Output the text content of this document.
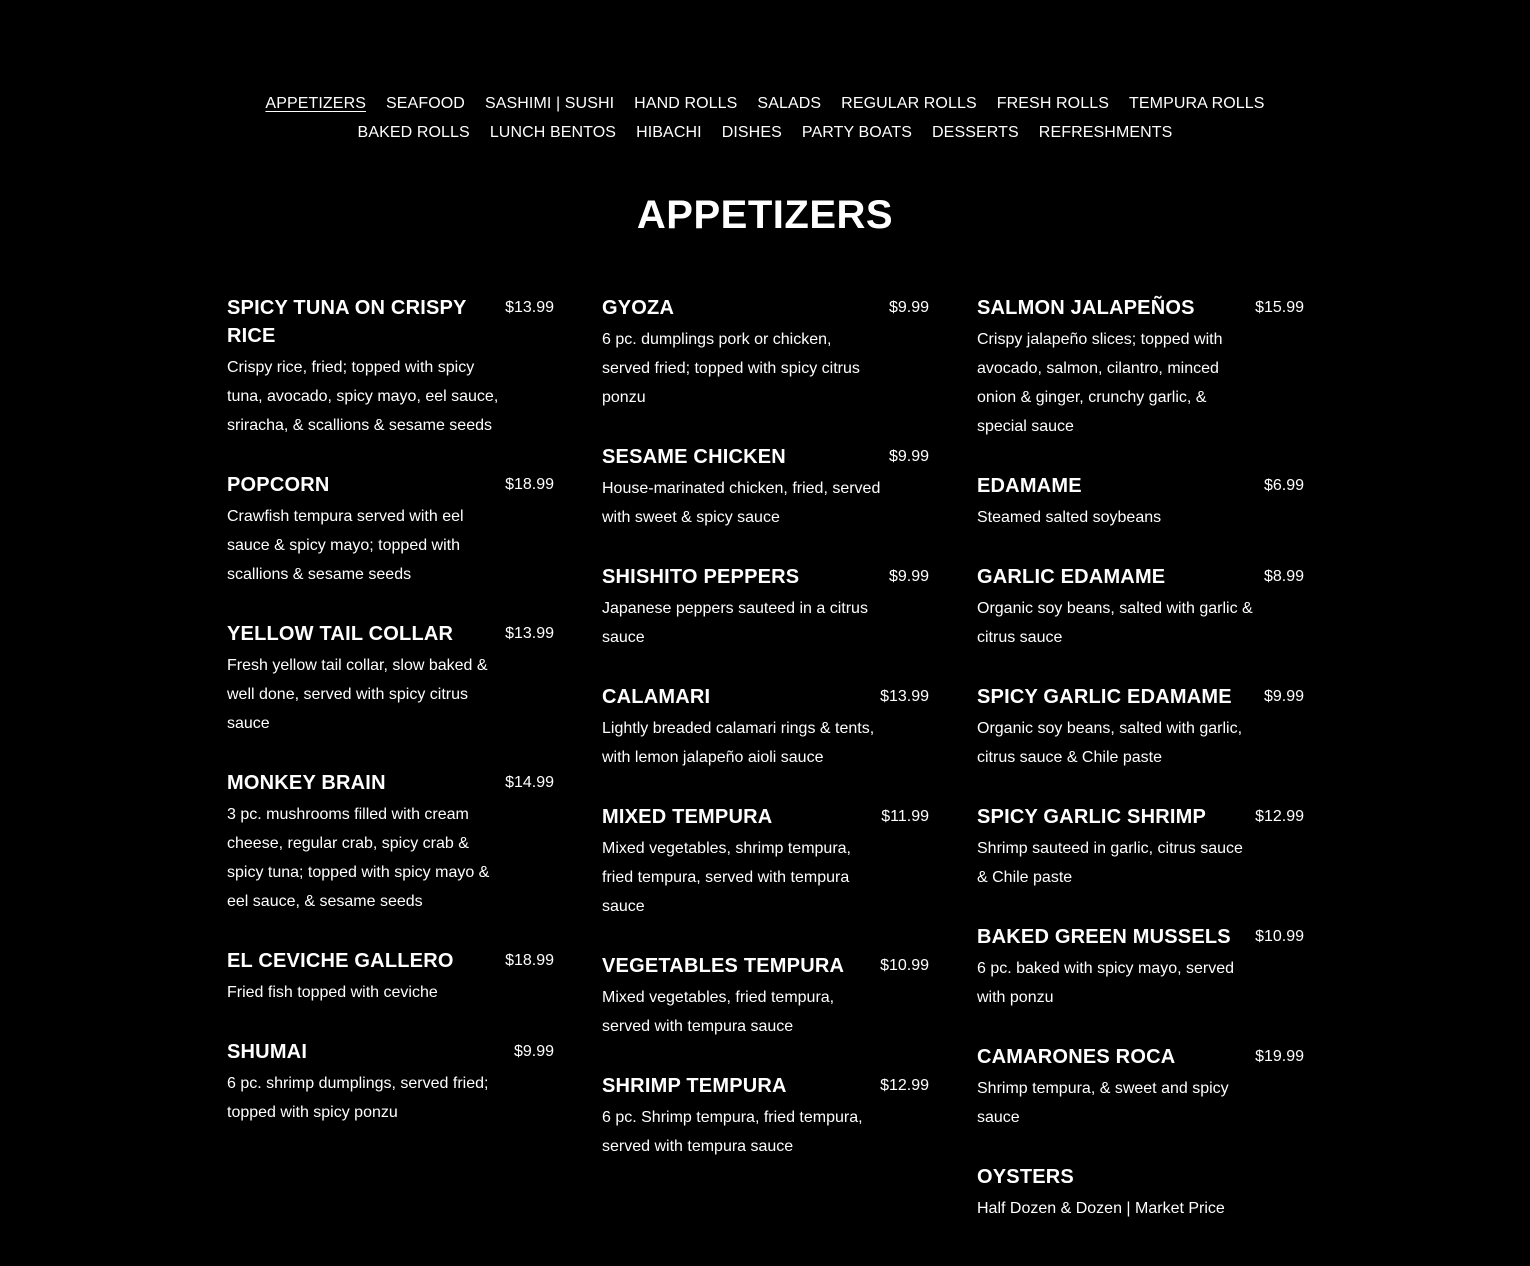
APPETIZERS SEAFOOD SASHIMI | SUSHI HAND ROLLS SALADS REGULAR ROLLS FRESH ROLLS TEMPURA ROLLS
BAKED ROLLS LUNCH BENTOS HIBACHI DISHES PARTY BOATS DESSERTS REFRESHMENTS
APPETIZERS
SPICY TUNA ON CRISPY RICE
$13.99
Crispy rice, fried; topped with spicy tuna, avocado, spicy mayo, eel sauce, sriracha, & scallions & sesame seeds
POPCORN	$18.99
Crawfish tempura served with eel sauce & spicy mayo; topped with scallions & sesame seeds
YELLOW TAIL COLLAR	$13.99
Fresh yellow tail collar, slow baked & well done, served with spicy citrus sauce
MONKEY BRAIN	$14.99
3 pc. mushrooms filled with cream cheese, regular crab, spicy crab & spicy tuna; topped with spicy mayo & eel sauce, & sesame seeds
EL CEVICHE GALLERO	$18.99
Fried fish topped with ceviche
SHUMAI	$9.99
6 pc. shrimp dumplings, served fried; topped with spicy ponzu
GYOZA	$9.99
6 pc. dumplings pork or chicken, served fried; topped with spicy citrus ponzu
SESAME CHICKEN	$9.99
House-marinated chicken, fried, served with sweet & spicy sauce
SHISHITO PEPPERS	$9.99
Japanese peppers sauteed in a citrus sauce
CALAMARI	$13.99
Lightly breaded calamari rings & tents, with lemon jalapeño aioli sauce
MIXED TEMPURA	$11.99
Mixed vegetables, shrimp tempura, fried tempura, served with tempura sauce
VEGETABLES TEMPURA	$10.99
Mixed vegetables, fried tempura, served with tempura sauce
SHRIMP TEMPURA	$12.99
6 pc. Shrimp tempura, fried tempura, served with tempura sauce
SALMON JALAPEÑOS	$15.99
Crispy jalapeño slices; topped with avocado, salmon, cilantro, minced onion & ginger, crunchy garlic, & special sauce
EDAMAME	$6.99
Steamed salted soybeans
GARLIC EDAMAME	$8.99
Organic soy beans, salted with garlic & citrus sauce
SPICY GARLIC EDAMAME	$9.99
Organic soy beans, salted with garlic, citrus sauce & Chile paste
SPICY GARLIC SHRIMP	$12.99
Shrimp sauteed in garlic, citrus sauce & Chile paste
BAKED GREEN MUSSELS	$10.99
6 pc. baked with spicy mayo, served with ponzu
CAMARONES ROCA	$19.99
Shrimp tempura, & sweet and spicy sauce
OYSTERS
Half Dozen & Dozen | Market Price
